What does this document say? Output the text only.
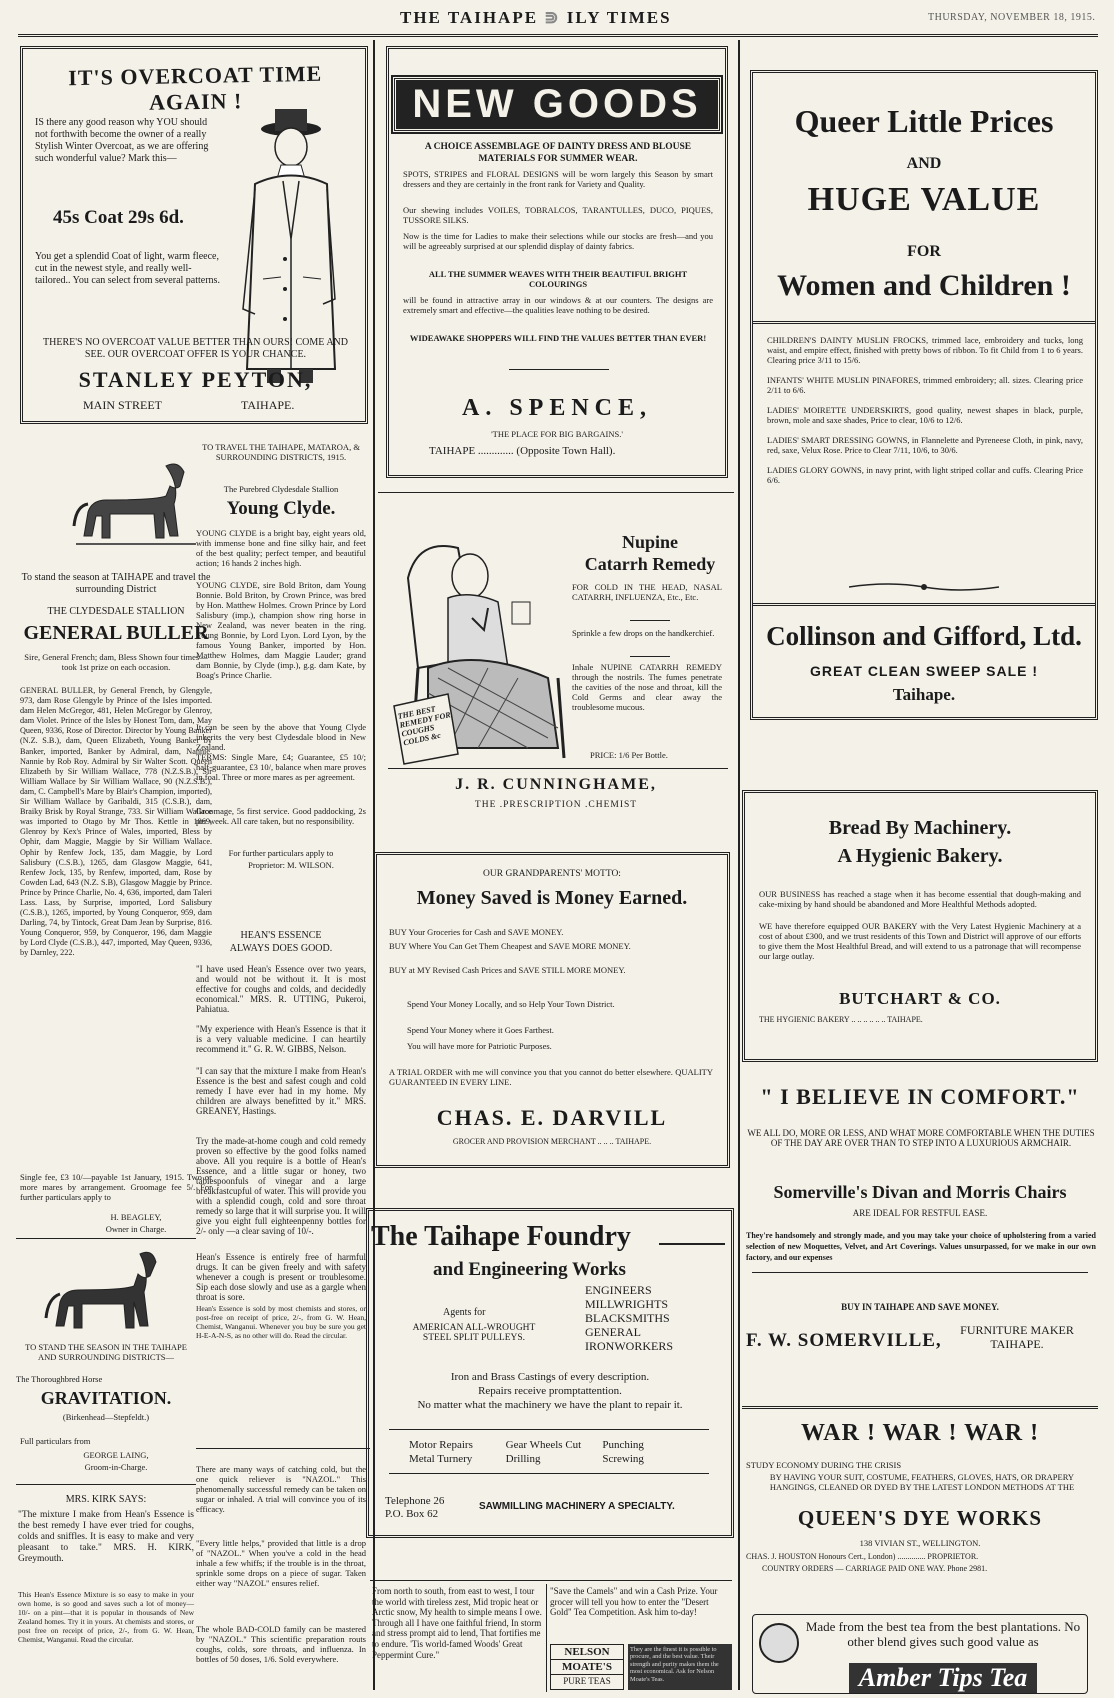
THE TAIHAPE ⋑ ILY TIMES	THURSDAY, NOVEMBER 18, 1915.
IT'S OVERCOAT TIME AGAIN !
IS there any good reason why YOU should not forthwith become the owner of a really Stylish Winter Overcoat, as we are offering such wonderful value? Mark this—
45s Coat 29s 6d.
You get a splendid Coat of light, warm fleece, cut in the newest style, and really well-tailored.. You can select from several patterns.
THERE'S NO OVERCOAT VALUE BETTER THAN OURS! COME AND SEE. OUR OVERCOAT OFFER IS YOUR CHANCE.
STANLEY PEYTON,
MAIN STREET	TAIHAPE.
NEW GOODS
A CHOICE ASSEMBLAGE OF DAINTY DRESS AND BLOUSE MATERIALS FOR SUMMER WEAR.
SPOTS, STRIPES and FLORAL DESIGNS will be worn largely this Season by smart dressers and they are certainly in the front rank for Variety and Quality.
Our shewing includes VOILES, TOBRALCOS, TARANTULLES, DUCO, PIQUES, TUSSORE SILKS.
Now is the time for Ladies to make their selections while our stocks are fresh—and you will be agreeably surprised at our splendid display of dainty fabrics.
ALL THE SUMMER WEAVES WITH THEIR BEAUTIFUL BRIGHT COLOURINGS
will be found in attractive array in our windows & at our counters. The designs are extremely smart and effective—the qualities leave nothing to be desired.
WIDEAWAKE SHOPPERS WILL FIND THE VALUES BETTER THAN EVER!
A. SPENCE,
'THE PLACE FOR BIG BARGAINS.'
TAIHAPE ............. (Opposite Town Hall).
Queer Little Prices
AND
HUGE VALUE
FOR
Women and Children !
CHILDREN'S DAINTY MUSLIN FROCKS, trimmed lace, embroidery and tucks, long waist, and empire effect, finished with pretty bows of ribbon. To fit Child from 1 to 6 years. Clearing price 3/11 to 15/6.
INFANTS' WHITE MUSLIN PINAFORES, trimmed embroidery; all. sizes. Clearing price 2/11 to 6/6.
LADIES' MOIRETTE UNDERSKIRTS, good quality, newest shapes in black, purple, brown, mole and saxe shades, Price to clear, 10/6 to 12/6.
LADIES' SMART DRESSING GOWNS, in Flannelette and Pyreneese Cloth, in pink, navy, red, saxe, Velux Rose. Price to Clear 7/11, 10/6, to 30/6.
LADIES GLORY GOWNS, in navy print, with light striped collar and cuffs. Clearing Price 6/6.
Collinson and Gifford, Ltd.
GREAT CLEAN SWEEP SALE !
Taihape.
To stand the season at TAIHAPE and travel the surrounding District
THE CLYDESDALE STALLION
GENERAL BULLER
Sire, General French; dam, Bless Shown four times—took 1st prize on each occasion.
GENERAL BULLER, by General French, by Glengyle, 973, dam Rose Glengyle by Prince of the Isles imported. dam Helen McGregor, 481, Helen McGregor by Glenroy, dam Violet. Prince of the Isles by Honest Tom, dam, May Queen, 9336, Rose of Director. Director by Young Banker (N.Z. S.B.), dam, Queen Elizabeth, Young Banker by Banker, imported, Banker by Admiral, dam, Nannie. Nannie by Rob Roy. Admiral by Sir Walter Scott. Queen Elizabeth by Sir William Wallace, 778 (N.Z.S.B.), Sir William Wallace by Sir William Wallace, 90 (N.Z.S.B.), dam, C. Campbell's Mare by Blair's Champion, imported), Sir William Wallace by Garibaldi, 315 (C.S.B.), dam, Braiky Brisk by Royal Strange, 733. Sir William Wallace was imported to Otago by Mr Thos. Kettle in 1869, Glenroy by Kex's Prince of Wales, imported, Bless by Ophir, dam Maggie, Maggie by Sir William Wallace. Ophir by Renfew Jock, 135, dam Maggie, by Lord Salisbury (C.S.B.), 1265, dam Glasgow Maggie, 641, Renfew Jock, 135, by Renfew, imported, dam, Rose by Cowden Lad, 643 (N.Z. S.B), Glasgow Maggie by Prince. Prince by Prince Charlie, No. 4, 636, imported, dam Taleri Lass. Lass, by Surprise, imported, Lord Salisbury (C.S.B.), 1265, imported, by Young Conqueror, 959, dam Darling, 74, by Tintock, Great Dam Jean by Surprise, 816. Young Conqueror, 959, by Conqueror, 196, dam Maggie by Lord Clyde (C.S.B.), 447, imported, May Queen, 9336, by Darnley, 222.
Single fee, £3 10/—payable 1st January, 1915. Two or more mares by arrangement. Groomage fee 5/. For further particulars apply to
H. BEAGLEY,
Owner in Charge.
TO TRAVEL THE TAIHAPE, MATAROA, & SURROUNDING DISTRICTS, 1915.
The Purebred Clydesdale Stallion
Young Clyde.
YOUNG CLYDE is a bright bay, eight years old, with immense bone and fine silky hair, and feet of the best quality; perfect temper, and beautiful action; 16 hands 2 inches high.
YOUNG CLYDE, sire Bold Briton, dam Young Bonnie. Bold Briton, by Crown Prince, was bred by Hon. Matthew Holmes. Crown Prince by Lord Salisbury (imp.), champion show ring horse in New Zealand, was never beaten in the ring. Young Bonnie, by Lord Lyon. Lord Lyon, by the famous Young Banker, imported by Hon. Matthew Holmes, dam Maggie Lauder; grand dam Bonnie, by Clyde (imp.), g.g. dam Kate, by Boag's Prince Charlie.
It can be seen by the above that Young Clyde inherits the very best Clydesdale blood in New Zealand.
TERMS: Single Mare, £4; Guarantee, £5 10/; half-guarantee, £3 10/, balance when mare proves in foal. Three or more mares as per agreement.
Groomage, 5s first service. Good paddocking, 2s per week. All care taken, but no responsibility.
For further particulars apply to
Proprietor: M. WILSON.
HEAN'S ESSENCE
ALWAYS DOES GOOD.
"I have used Hean's Essence over two years, and would not be without it. It is most effective for coughs and colds, and decidedly economical." MRS. R. UTTING, Pukeroi, Pahiatua.
"My experience with Hean's Essence is that it is a very valuable medicine. I can heartily recommend it." G. R. W. GIBBS, Nelson.
"I can say that the mixture I make from Hean's Essence is the best and safest cough and cold remedy I have ever had in my home. My children are always benefitted by it." MRS. GREANEY, Hastings.
Try the made-at-home cough and cold remedy proven so effective by the good folks named above. All you require is a bottle of Hean's Essence, and a little sugar or honey, two tablespoonfuls of vinegar and a large breakfastcupful of water. This will provide you with a splendid cough, cold and sore throat remedy so large that it will surprise you. It will give you eight full eighteenpenny bottles for 2/- only —a clear saving of 10/-.
Hean's Essence is entirely free of harmful drugs. It can be given freely and with safety whenever a cough is present or troublesome. Sip each dose slowly and use as a gargle when throat is sore.
Hean's Essence is sold by most chemists and stores, or post-free on receipt of price, 2/-, from G. W. Hean, Chemist, Wanganui. Whenever you buy be sure you get H-E-A-N-S, as no other will do. Read the circular.
TO STAND THE SEASON IN THE TAIHAPE AND SURROUNDING DISTRICTS—
The Thoroughbred Horse
GRAVITATION.
(Birkenhead—Stepfeldt.)
Full particulars from
GEORGE LAING,
Groom-in-Charge.
MRS. KIRK SAYS:
"The mixture I make from Hean's Essence is the best remedy I have ever tried for coughs, colds and sniffles. It is easy to make and very pleasant to take." MRS. H. KIRK, Greymouth.
This Hean's Essence Mixture is so easy to make in your own home, is so good and saves such a lot of money—10/- on a pint—that it is popular in thousands of New Zealand homes. Try it in yours. At chemists and stores, or post free on receipt of price, 2/-, from G. W. Hean, Chemist, Wanganui. Read the circular.
There are many ways of catching cold, but the one quick reliever is "NAZOL." This phenomenally successful remedy can be taken on sugar or inhaled. A trial will convince you of its efficacy.
"Every little helps," provided that little is a drop of "NAZOL." When you've a cold in the head inhale a few whiffs; if the trouble is in the throat, sprinkle some drops on a piece of sugar. Taken either way "NAZOL" ensures relief.
The whole BAD-COLD family can be mastered by "NAZOL." This scientific preparation routs coughs, colds, sore throats, and influenza. In bottles of 50 doses, 1/6. Sold everywhere.
THE BEST REMEDY FOR COUGHS COLDS &c
Nupine
Catarrh Remedy
FOR COLD IN THE HEAD, NASAL CATARRH, INFLUENZA, Etc., Etc.
Sprinkle a few drops on the handkerchief.
Inhale NUPINE CATARRH REMEDY through the nostrils. The fumes penetrate the cavities of the nose and throat, kill the Cold Germs and clear away the troublesome mucous.
PRICE: 1/6 Per Bottle.
J. R. CUNNINGHAME,
THE .PRESCRIPTION .CHEMIST
OUR GRANDPARENTS' MOTTO:
Money Saved is Money Earned.
BUY Your Groceries for Cash and SAVE MONEY.
BUY Where You Can Get Them Cheapest and SAVE MORE MONEY.
BUY at MY Revised Cash Prices and SAVE STILL MORE MONEY.
Spend Your Money Locally, and so Help Your Town District.
Spend Your Money where it Goes Farthest.
You will have more for Patriotic Purposes.
A TRIAL ORDER with me will convince you that you cannot do better elsewhere. QUALITY GUARANTEED IN EVERY LINE.
CHAS. E. DARVILL
GROCER AND PROVISION MERCHANT .. .. .. TAIHAPE.
The Taihape Foundry
and Engineering Works
Agents for
AMERICAN ALL-WROUGHT STEEL SPLIT PULLEYS.
ENGINEERS
MILLWRIGHTS
BLACKSMITHS
GENERAL
IRONWORKERS
Iron and Brass Castings of every description.
Repairs receive promptattention.
No matter what the machinery we have the plant to repair it.
Motor Repairs	Gear Wheels Cut	Punching
Metal Turnery	Drilling	Screwing
Telephone 26
P.O. Box 62
SAWMILLING MACHINERY A SPECIALTY.
From north to south, from east to west, I tour the world with tireless zest, Mid tropic heat or Arctic snow, My health to simple means I owe. Through all I have one faithful friend, In storm and stress prompt aid to lend, That fortifies me to endure. 'Tis world-famed Woods' Great Peppermint Cure."
"Save the Camels" and win a Cash Prize. Your grocer will tell you how to enter the "Desert Gold" Tea Competition. Ask him to-day!
NELSON
MOATE'S
PURE TEAS
They are the finest it is possible to procure, and the best value. Their strength and purity makes them the most economical. Ask for Nelson Moate's Teas.
Bread By Machinery.
A Hygienic Bakery.
OUR BUSINESS has reached a stage when it has become essential that dough-making and cake-mixing by hand should be abandoned and More Healthful Methods adopted.
WE have therefore equipped OUR BAKERY with the Very Latest Hygienic Machinery at a cost of about £300, and we trust residents of this Town and District will approve of our efforts to give them the Most Healthful Bread, and will extend to us a patronage that will recompense our large outlay.
BUTCHART & CO.
THE HYGIENIC BAKERY .. .. .. .. .. .. TAIHAPE.
" I BELIEVE IN COMFORT."
WE ALL DO, MORE OR LESS, AND WHAT MORE COMFORTABLE WHEN THE DUTIES OF THE DAY ARE OVER THAN TO STEP INTO A LUXURIOUS ARMCHAIR.
Somerville's Divan and Morris Chairs
ARE IDEAL FOR RESTFUL EASE.
They're handsomely and strongly made, and you may take your choice of upholstering from a varied selection of new Moquettes, Velvet, and Art Coverings. Values unsurpassed, for we make in our own factory, and our expenses
BUY IN TAIHAPE AND SAVE MONEY.
F. W. SOMERVILLE,	FURNITURE MAKER
TAIHAPE.
WAR ! WAR ! WAR !
STUDY ECONOMY DURING THE CRISIS
BY HAVING YOUR SUIT, COSTUME, FEATHERS, GLOVES, HATS, OR DRAPERY HANGINGS, CLEANED OR DYED BY THE LATEST LONDON METHODS AT THE
QUEEN'S DYE WORKS
138 VIVIAN ST., WELLINGTON.
CHAS. J. HOUSTON Honours Cert., London) .............. PROPRIETOR.
COUNTRY ORDERS — CARRIAGE PAID ONE WAY. Phone 2981.
Made from the best tea from the best plantations. No other blend gives such good value as
Amber Tips Tea
